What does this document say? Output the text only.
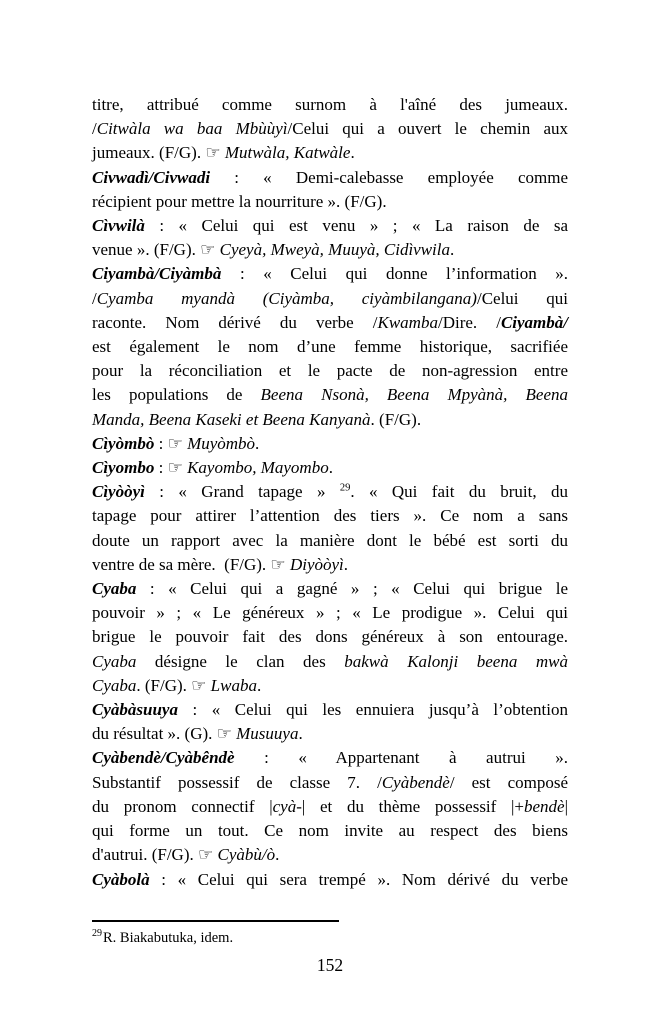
titre, attribué comme surnom à l'aîné des jumeaux.
/Citwàla wa baa Mbùùyì/Celui qui a ouvert le chemin aux
jumeaux. (F/G). ☞ Mutwàla, Katwàle.
Civwadì/Civwadi : « Demi-calebasse employée comme
récipient pour mettre la nourriture ». (F/G).
Cìvwilà : « Celui qui est venu » ; « La raison de sa
venue ». (F/G). ☞ Cyeyà, Mweyà, Muuyà, Cidìvwila.
Ciyambà/Ciyàmbà : « Celui qui donne l’information ».
/Cyamba myandà (Ciyàmba, ciyàmbilangana)/Celui qui
raconte. Nom dérivé du verbe /Kwamba/Dire. /Ciyambà/
est également le nom d’une femme historique, sacrifiée
pour la réconciliation et le pacte de non-agression entre
les populations de Beena Nsonà, Beena Mpyànà, Beena
Manda, Beena Kaseki et Beena Kanyanà. (F/G).
Cìyòmbò : ☞ Muyòmbò.
Cìyombo : ☞ Kayombo, Mayombo.
Cìyòòyì : « Grand tapage » $^{29}$. « Qui fait du bruit, du
tapage pour attirer l’attention des tiers ». Ce nom a sans
doute un rapport avec la manière dont le bébé est sorti du
ventre de sa mère.  (F/G). ☞ Diyòòyì.
Cyaba : « Celui qui a gagné » ; « Celui qui brigue le
pouvoir » ; « Le généreux » ; « Le prodigue ». Celui qui
brigue le pouvoir fait des dons généreux à son entourage.
Cyaba désigne le clan des bakwà Kalonji beena mwà
Cyaba. (F/G). ☞ Lwaba.
Cyàbàsuuya : « Celui qui les ennuiera jusqu’à l’obtention
du résultat ». (G). ☞ Musuuya.
Cyàbendè/Cyàbêndè : « Appartenant à autrui ».
Substantif possessif de classe 7. /Cyàbendè/ est composé
du pronom connectif |cyà-| et du thème possessif |+bendè|
qui forme un tout. Ce nom invite au respect des biens
d'autrui. (F/G). ☞ Cyàbù/ò.
Cyàbolà : « Celui qui sera trempé ». Nom dérivé du verbe
$^{29}$R. Biakabutuka, idem.
152
